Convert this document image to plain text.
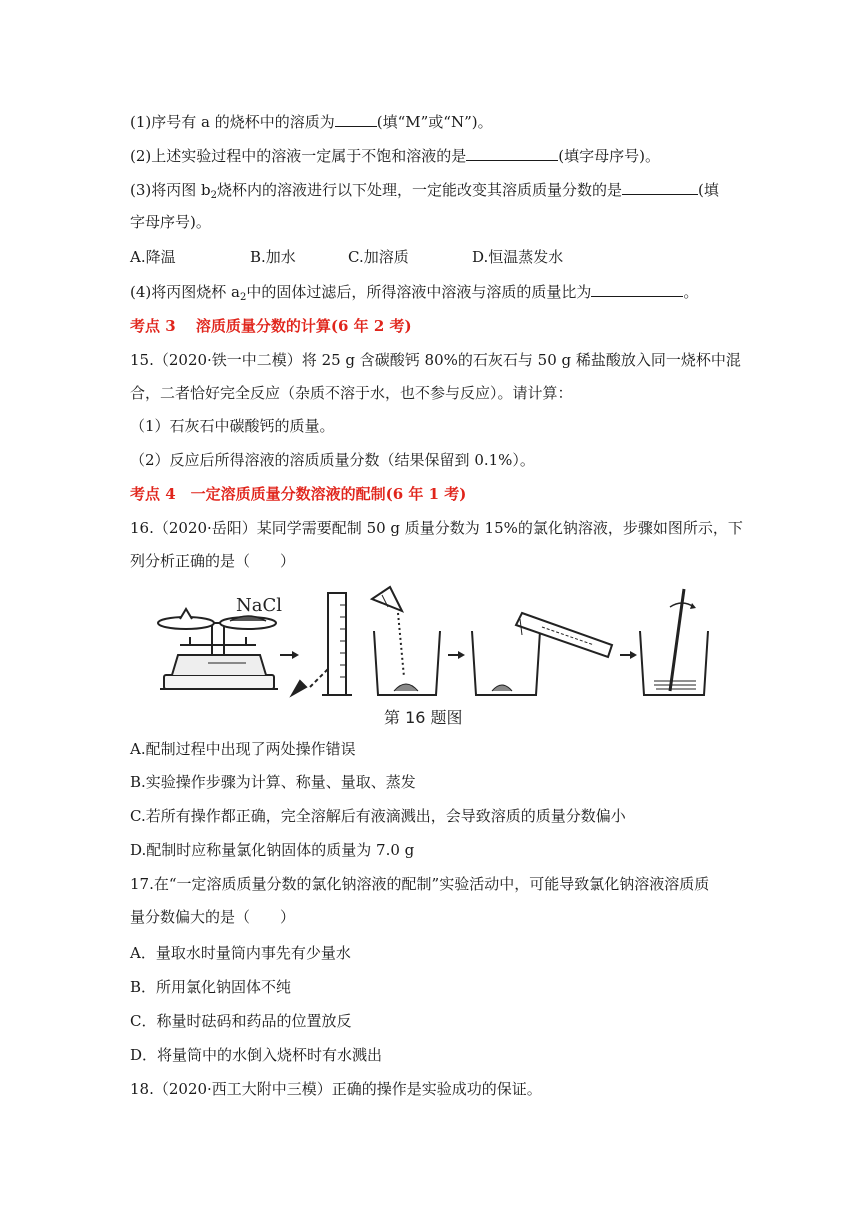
(1)序号有 a 的烧杯中的溶质为	(填“M”或“N”)。
(2)上述实验过程中的溶液一定属于不饱和溶液的是	(填字母序号)。
(3)将丙图 $b_2$烧杯内的溶液进行以下处理，一定能改变其溶质质量分数的是	(填
字母序号)。
A.降温	B.加水	C.加溶质	D.恒温蒸发水
(4)将丙图烧杯 $a_2$中的固体过滤后，所得溶液中溶液与溶质的质量比为	。
考点 3　 溶质质量分数的计算(6 年 2 考)
15.（2020·铁一中二模）将 25 g 含碳酸钙 80%的石灰石与 50 g 稀盐酸放入同一烧杯中混
合，二者恰好完全反应（杂质不溶于水，也不参与反应）。请计算：
（1）石灰石中碳酸钙的质量。
（2）反应后所得溶液的溶质质量分数（结果保留到 0.1%）。
考点 4　一定溶质质量分数溶液的配制(6 年 1 考)
16.（2020·岳阳）某同学需要配制 50 g 质量分数为 15%的氯化钠溶液，步骤如图所示，下
列分析正确的是（　　）
NaCl
第 16 题图
A.配制过程中出现了两处操作错误
B.实验操作步骤为计算、称量、量取、蒸发
C.若所有操作都正确，完全溶解后有液滴溅出，会导致溶质的质量分数偏小
D.配制时应称量氯化钠固体的质量为 7.0 g
17.在“一定溶质质量分数的氯化钠溶液的配制”实验活动中，可能导致氯化钠溶液溶质质
量分数偏大的是（　　）
A．量取水时量筒内事先有少量水
B．所用氯化钠固体不纯
C．称量时砝码和药品的位置放反
D．将量筒中的水倒入烧杯时有水溅出
18.（2020·西工大附中三模）正确的操作是实验成功的保证。
